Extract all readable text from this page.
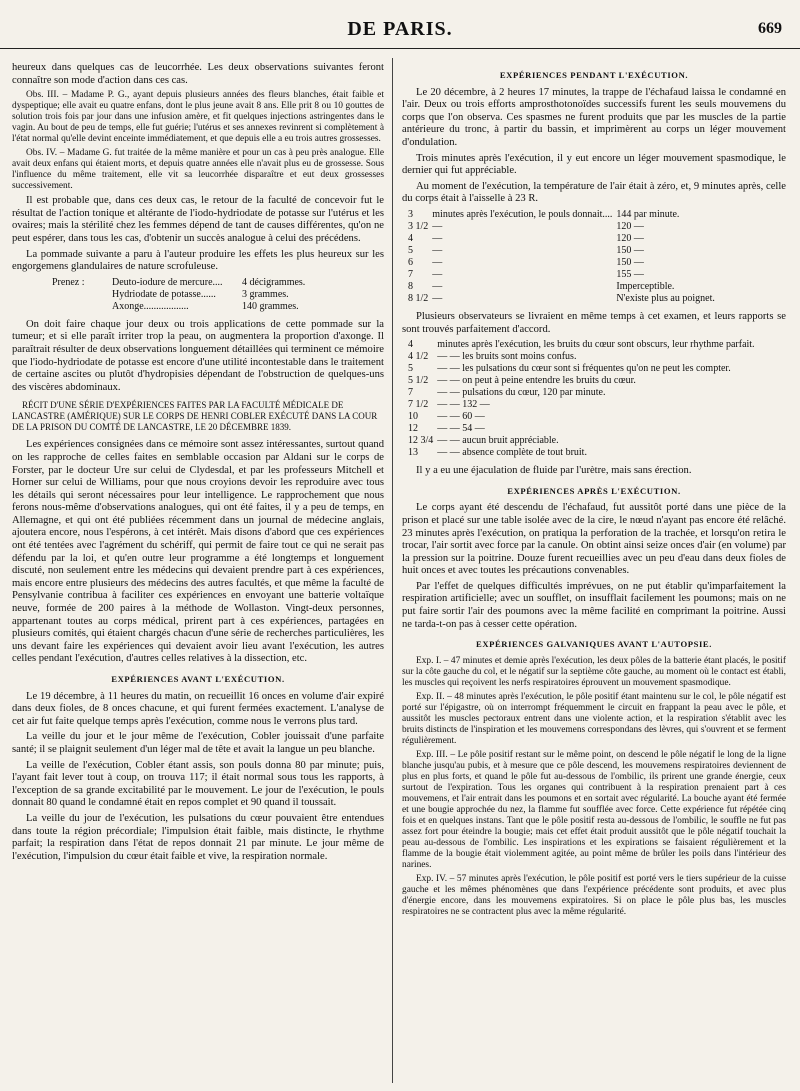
DE PARIS.	669

heureux dans quelques cas de leucorrhée. Les deux observations suivantes feront connaître son mode d'action dans ces cas.

Obs. III. – Madame P. G., ayant depuis plusieurs années des fleurs blanches, était faible et dyspeptique; elle avait eu quatre enfans, dont le plus jeune avait 8 ans. Elle prit 8 ou 10 gouttes de solution trois fois par jour dans une infusion amère, et fit quelques injections astringentes dans le vagin. Au bout de peu de temps, elle fut guérie; l'utérus et ses annexes revinrent si complètement à l'état normal qu'elle devint enceinte immédiatement, et que depuis elle a eu trois autres grossesses.

Obs. IV. – Madame G. fut traitée de la même manière et pour un cas à peu près analogue. Elle avait deux enfans qui étaient morts, et depuis quatre années elle n'avait plus eu de grossesse. Sous l'influence du même traitement, elle vit sa leucorrhée disparaître et eut deux grossesses successivement.

Il est probable que, dans ces deux cas, le retour de la faculté de concevoir fut le résultat de l'action tonique et altérante de l'iodo-hydriodate de potasse sur l'utérus et les ovaires; mais la stérilité chez les femmes dépend de tant de causes différentes, qu'on ne peut espérer, dans tous les cas, d'obtenir un succès analogue à celui des précédens.

La pommade suivante a paru à l'auteur produire les effets les plus heureux sur les engorgemens glandulaires de nature scrofuleuse.

Prenez :	Deuto-iodure de mercure....	4 décigrammes.
Hydriodate de potasse......	3 grammes.
Axonge..................	140 grammes.

On doit faire chaque jour deux ou trois applications de cette pommade sur la tumeur; et si elle paraît irriter trop la peau, on augmentera la proportion d'axonge. Il paraîtrait résulter de deux observations longuement détaillées qui terminent ce mémoire que l'iodo-hydriodate de potasse est encore d'une utilité incontestable dans le traitement de certaine ascites ou plutôt d'hydropisies dépendant de l'obstruction de quelques-uns des viscères abdominaux.

RÉCIT D'UNE SÉRIE D'EXPÉRIENCES FAITES PAR LA FACULTÉ MÉDICALE DE LANCASTRE (AMÉRIQUE) SUR LE CORPS DE HENRI COBLER EXÉCUTÉ DANS LA COUR DE LA PRISON DU COMTÉ DE LANCASTRE, LE 20 DÉCEMBRE 1839.

Les expériences consignées dans ce mémoire sont assez intéressantes, surtout quand on les rapproche de celles faites en semblable occasion par Aldani sur le corps de Forster, par le docteur Ure sur celui de Clydesdal, et par les professeurs Mitchell et Horner sur celui de Williams, pour que nous croyions devoir les reproduire avec tous les détails qui seront nécessaires pour leur intelligence. Le rapprochement que nous ferons nous-même d'observations analogues, qui ont été faites, il y a peu de temps, en Allemagne, et qui ont été publiées récemment dans un journal de médecine anglais, ajoutera encore, nous l'espérons, à cet intérêt. Mais disons d'abord que ces expériences ont été tentées avec l'agrément du schériff, qui permit de faire tout ce qui ne serait pas défendu par la loi, et qu'en outre leur programme a été longtemps et longuement discuté, non seulement entre les médecins qui devaient prendre part à ces expériences, mais encore entre plusieurs des médecins des autres facultés, et que même la faculté de Pensylvanie contribua à faciliter ces expériences en envoyant une batterie voltaïque neuve, formée de 200 paires à la méthode de Wollaston. Vingt-deux personnes, appartenant toutes au corps médical, prirent part à ces expériences, partagées en plusieurs comités, qui étaient chargés chacun d'une série de recherches particulières, les uns devant faire les expériences qui devaient avoir lieu avant l'exécution, les autres celles pendant l'exécution, d'autres celles relatives à la dissection, etc.

EXPÉRIENCES AVANT L'EXÉCUTION.

Le 19 décembre, à 11 heures du matin, on recueillit 16 onces en volume d'air expiré dans deux fioles, de 8 onces chacune, et qui furent fermées exactement. L'analyse de cet air fut faite quelque temps après l'exécution, comme nous le verrons plus tard.

La veille du jour et le jour même de l'exécution, Cobler jouissait d'une parfaite santé; il se plaignit seulement d'un léger mal de tête et avait la langue un peu blanche.

La veille de l'exécution, Cobler étant assis, son pouls donna 80 par minute; puis, l'ayant fait lever tout à coup, on trouva 117; il était normal sous tous les rapports, à l'exception de sa grande excitabilité par le mouvement. Le jour de l'exécution, le pouls donnait 80 quand le condamné était en repos complet et 90 quand il toussait.

La veille du jour de l'exécution, les pulsations du cœur pouvaient être entendues dans toute la région précordiale; l'impulsion était faible, mais distincte, le rhythme parfait; la respiration dans l'état de repos donnait 21 par minute. Le jour même de l'exécution, l'impulsion du cœur était faible et vive, la respiration normale.

EXPÉRIENCES PENDANT L'EXÉCUTION.

Le 20 décembre, à 2 heures 17 minutes, la trappe de l'échafaud laissa le condamné en l'air. Deux ou trois efforts amprosthotonoïdes successifs furent les seuls mouvemens du corps que l'on observa. Ces spasmes ne furent produits que par les muscles de la partie antérieure du tronc, à partir du bassin, et imprimèrent au corps un léger mouvement d'ondulation.

Trois minutes après l'exécution, il y eut encore un léger mouvement spasmodique, le dernier qui fut appréciable.

Au moment de l'exécution, la température de l'air était à zéro, et, 9 minutes après, celle du corps était à l'aisselle à 23 R.

3	minutes après l'exécution, le pouls donnait....	144 par minute.
3 1/2	—	120 —
4	—	120 —
5	—	150 —
6	—	150 —
7	—	155 —
8	—	Imperceptible.
8 1/2	—	N'existe plus au poignet.

Plusieurs observateurs se livraient en même temps à cet examen, et leurs rapports se sont trouvés parfaitement d'accord.

4	minutes après l'exécution, les bruits du cœur sont obscurs, leur rhythme parfait.
4 1/2	— — les bruits sont moins confus.
5	— — les pulsations du cœur sont si fréquentes qu'on ne peut les compter.
5 1/2	— — on peut à peine entendre les bruits du cœur.
7	— — pulsations du cœur, 120 par minute.
7 1/2	— — 132 —
10	— — 60 —
12	— — 54 —
12 3/4	— — aucun bruit appréciable.
13	— — absence complète de tout bruit.

Il y a eu une éjaculation de fluide par l'urètre, mais sans érection.

EXPÉRIENCES APRÈS L'EXÉCUTION.

Le corps ayant été descendu de l'échafaud, fut aussitôt porté dans une pièce de la prison et placé sur une table isolée avec de la cire, le nœud n'ayant pas encore été relâché. 23 minutes après l'exécution, on pratiqua la perforation de la trachée, et lorsqu'on retira le trocar, l'air sortit avec force par la canule. On obtint ainsi seize onces d'air (en volume) par la pression sur la poitrine. Douze furent recueillies avec un peu d'eau dans deux fioles de huit onces et avec toutes les précautions convenables.

Par l'effet de quelques difficultés imprévues, on ne put établir qu'imparfaitement la respiration artificielle; avec un soufflet, on insufflait facilement les poumons; mais on ne put faire sortir l'air des poumons avec la même facilité en comprimant la poitrine. Aussi ne tarda-t-on pas à cesser cette opération.

EXPÉRIENCES GALVANIQUES AVANT L'AUTOPSIE.

Exp. I. – 47 minutes et demie après l'exécution, les deux pôles de la batterie étant placés, le positif sur la côte gauche du col, et le négatif sur la septième côte gauche, au moment où le contact est établi, les muscles qui reçoivent les nerfs respiratoires éprouvent un mouvement spasmodique.

Exp. II. – 48 minutes après l'exécution, le pôle positif étant maintenu sur le col, le pôle négatif est porté sur l'épigastre, où on interrompt fréquemment le circuit en frappant la peau avec le pôle, et aussitôt les muscles pectoraux entrent dans une violente action, et la respiration s'établit avec les bruits distincts de l'inspiration et les mouvemens correspondans des lèvres, qui s'ouvrent et se ferment régulièrement.

Exp. III. – Le pôle positif restant sur le même point, on descend le pôle négatif le long de la ligne blanche jusqu'au pubis, et à mesure que ce pôle descend, les mouvemens respiratoires deviennent de plus en plus forts, et quand le pôle fut au-dessous de l'ombilic, ils prirent une grande énergie, ceux surtout de l'expiration. Tous les organes qui contribuent à la respiration prenaient part à ces mouvemens, et l'air entrait dans les poumons et en sortait avec régularité. La bouche ayant été fermée et une bougie approchée du nez, la flamme fut soufflée avec force. Cette expérience fut répétée cinq fois et en quelques instans. Tant que le pôle positif resta au-dessous de l'ombilic, le souffle ne fut pas assez fort pour éteindre la bougie; mais cet effet était produit aussitôt que le pôle négatif touchait la peau au-dessous de l'ombilic. Les inspirations et les expirations se faisaient régulièrement et la flamme de la bougie était violemment agitée, au point même de brûler les poils dans l'intérieur des narines.

Exp. IV. – 57 minutes après l'exécution, le pôle positif est porté vers le tiers supérieur de la cuisse gauche et les mêmes phénomènes que dans l'expérience précédente sont produits, et avec plus d'énergie encore, dans les mouvemens expiratoires. Si on place le pôle plus bas, les muscles respiratoires ne se contractent plus avec la même régularité.
